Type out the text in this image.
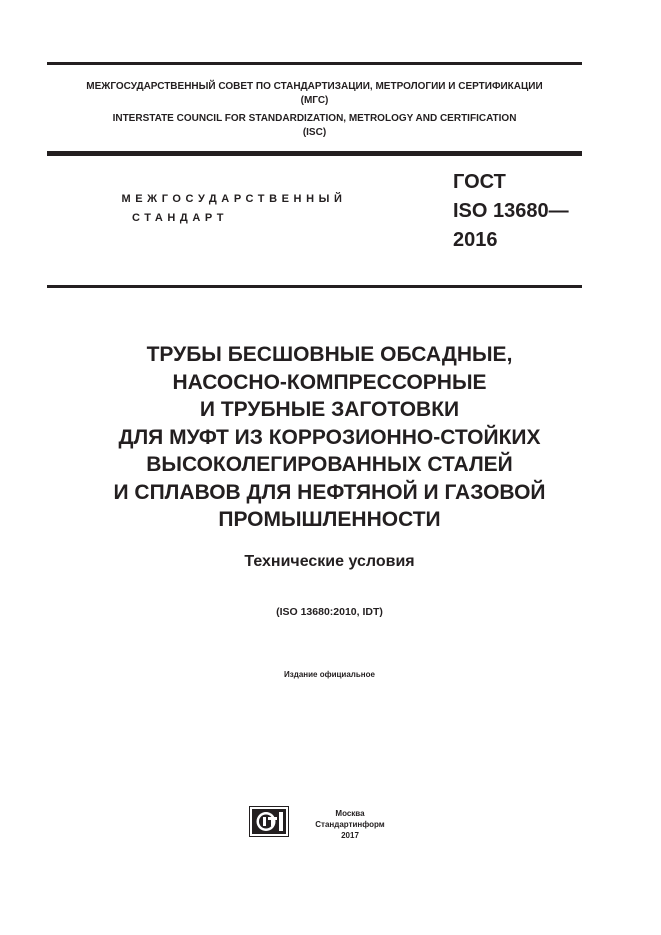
МЕЖГОСУДАРСТВЕННЫЙ СОВЕТ ПО СТАНДАРТИЗАЦИИ, МЕТРОЛОГИИ И СЕРТИФИКАЦИИ
(МГС)
INTERSTATE COUNCIL FOR STANDARDIZATION, METROLOGY AND CERTIFICATION
(ISC)
МЕЖГОСУДАРСТВЕННЫЙ
СТАНДАРТ
ГОСТ
ISO 13680—
2016
ТРУБЫ БЕСШОВНЫЕ ОБСАДНЫЕ,
НАСОСНО-КОМПРЕССОРНЫЕ
И ТРУБНЫЕ ЗАГОТОВКИ
ДЛЯ МУФТ ИЗ КОРРОЗИОННО-СТОЙКИХ
ВЫСОКОЛЕГИРОВАННЫХ СТАЛЕЙ
И СПЛАВОВ ДЛЯ НЕФТЯНОЙ И ГАЗОВОЙ
ПРОМЫШЛЕННОСТИ
Технические условия
(ISO 13680:2010, IDT)
Издание официальное
Москва
Стандартинформ
2017
